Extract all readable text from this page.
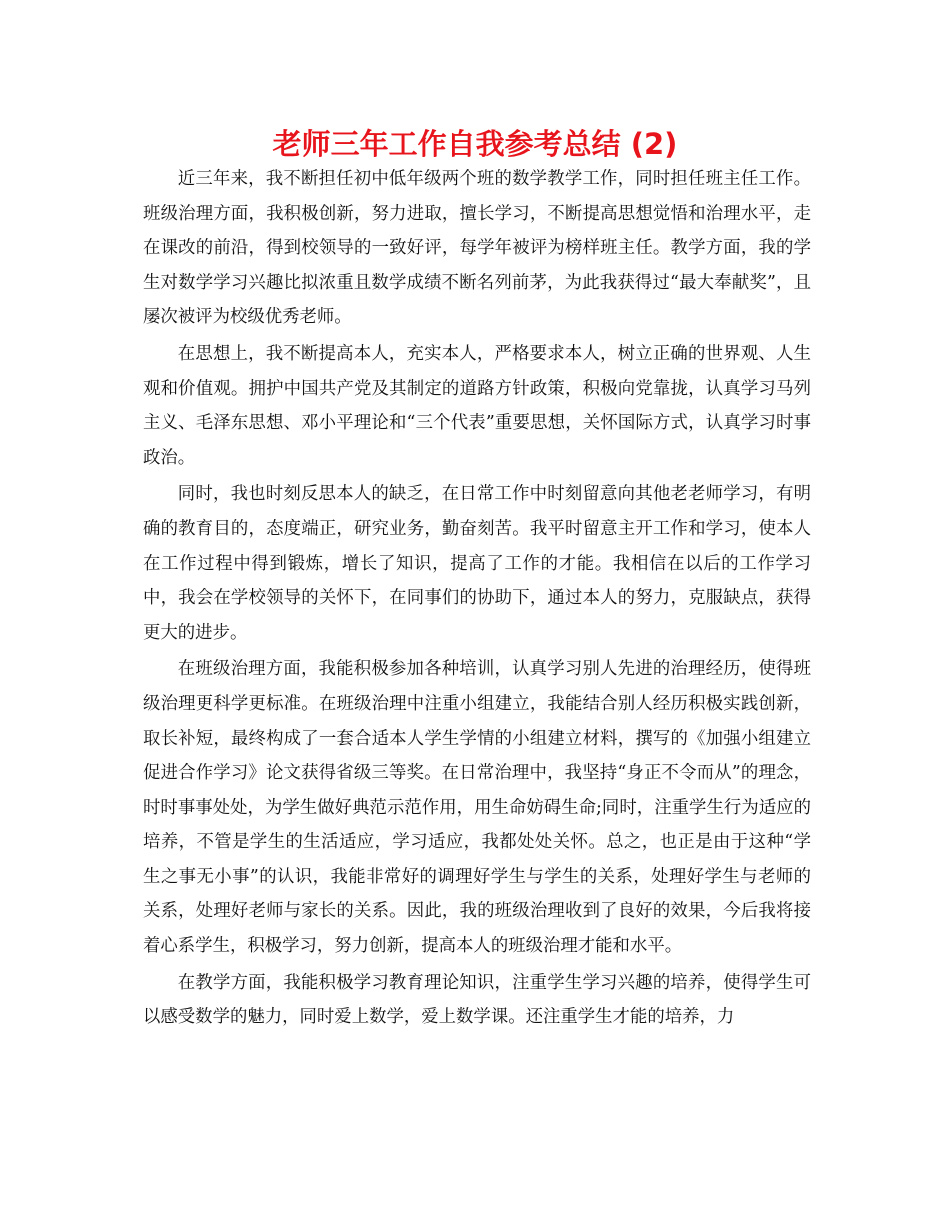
老师三年工作自我参考总结 (2)

近三年来，我不断担任初中低年级两个班的数学教学工作，同时担任班主任工作。班级治理方面，我积极创新，努力进取，擅长学习，不断提高思想觉悟和治理水平，走在课改的前沿，得到校领导的一致好评，每学年被评为榜样班主任。教学方面，我的学生对数学学习兴趣比拟浓重且数学成绩不断名列前茅，为此我获得过“最大奉献奖”，且屡次被评为校级优秀老师。

在思想上，我不断提高本人，充实本人，严格要求本人，树立正确的世界观、人生观和价值观。拥护中国共产党及其制定的道路方针政策，积极向党靠拢，认真学习马列主义、毛泽东思想、邓小平理论和“三个代表”重要思想，关怀国际方式，认真学习时事政治。

同时，我也时刻反思本人的缺乏，在日常工作中时刻留意向其他老老师学习，有明确的教育目的，态度端正，研究业务，勤奋刻苦。我平时留意主开工作和学习，使本人在工作过程中得到锻炼，增长了知识，提高了工作的才能。我相信在以后的工作学习中，我会在学校领导的关怀下，在同事们的协助下，通过本人的努力，克服缺点，获得更大的进步。

在班级治理方面，我能积极参加各种培训，认真学习别人先进的治理经历，使得班级治理更科学更标准。在班级治理中注重小组建立，我能结合别人经历积极实践创新，取长补短，最终构成了一套合适本人学生学情的小组建立材料，撰写的《加强小组建立促进合作学习》论文获得省级三等奖。在日常治理中，我坚持“身正不令而从”的理念，时时事事处处，为学生做好典范示范作用，用生命妨碍生命;同时，注重学生行为适应的培养，不管是学生的生活适应，学习适应，我都处处关怀。总之，也正是由于这种“学生之事无小事”的认识，我能非常好的调理好学生与学生的关系，处理好学生与老师的关系，处理好老师与家长的关系。因此，我的班级治理收到了良好的效果，今后我将接着心系学生，积极学习，努力创新，提高本人的班级治理才能和水平。

在教学方面，我能积极学习教育理论知识，注重学生学习兴趣的培养，使得学生可以感受数学的魅力，同时爱上数学，爱上数学课。还注重学生才能的培养，力
